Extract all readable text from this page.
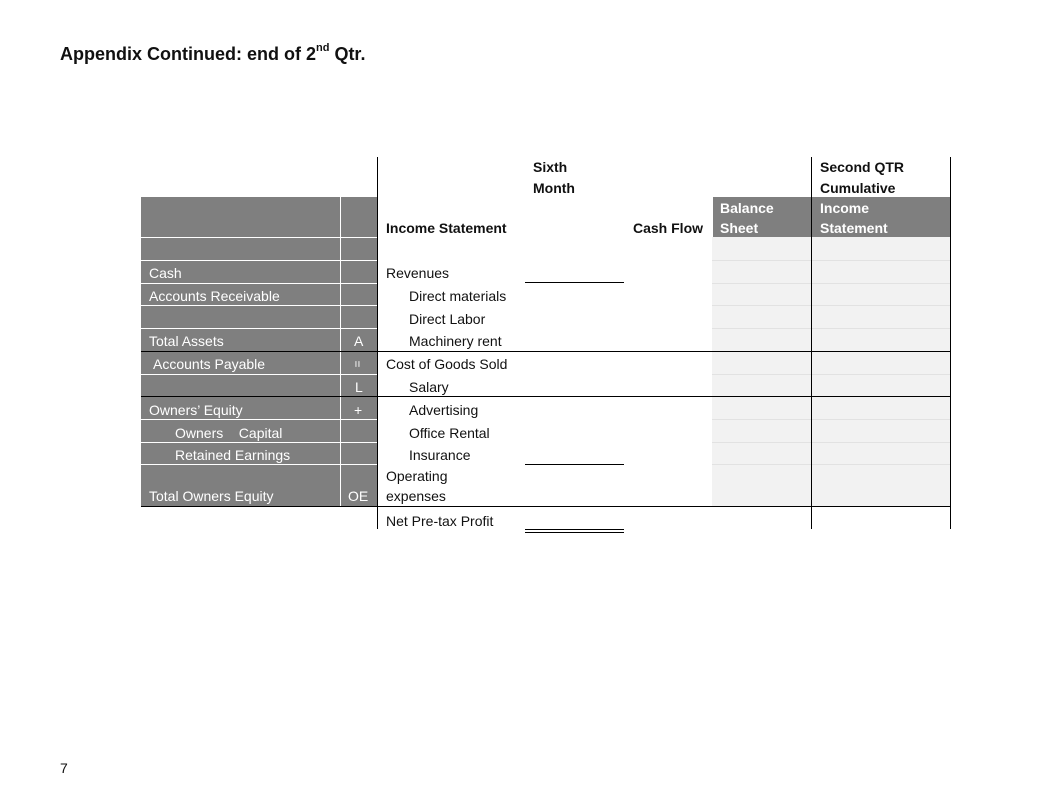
Appendix Continued: end of 2nd Qtr.
Income Statement
Sixth
Month
Cash Flow
Balance
Sheet
Second QTR
Cumulative
Income
Statement
Cash
Accounts Receivable
Total Assets
Accounts Payable
Owners’ Equity
Owners    Capital
Retained Earnings
Total Owners Equity
A
=
L
+
OE
Revenues
Direct materials
Direct Labor
Machinery rent
Cost of Goods Sold
Salary
Advertising
Office Rental
Insurance
Operating
expenses
Net Pre-tax Profit
7
